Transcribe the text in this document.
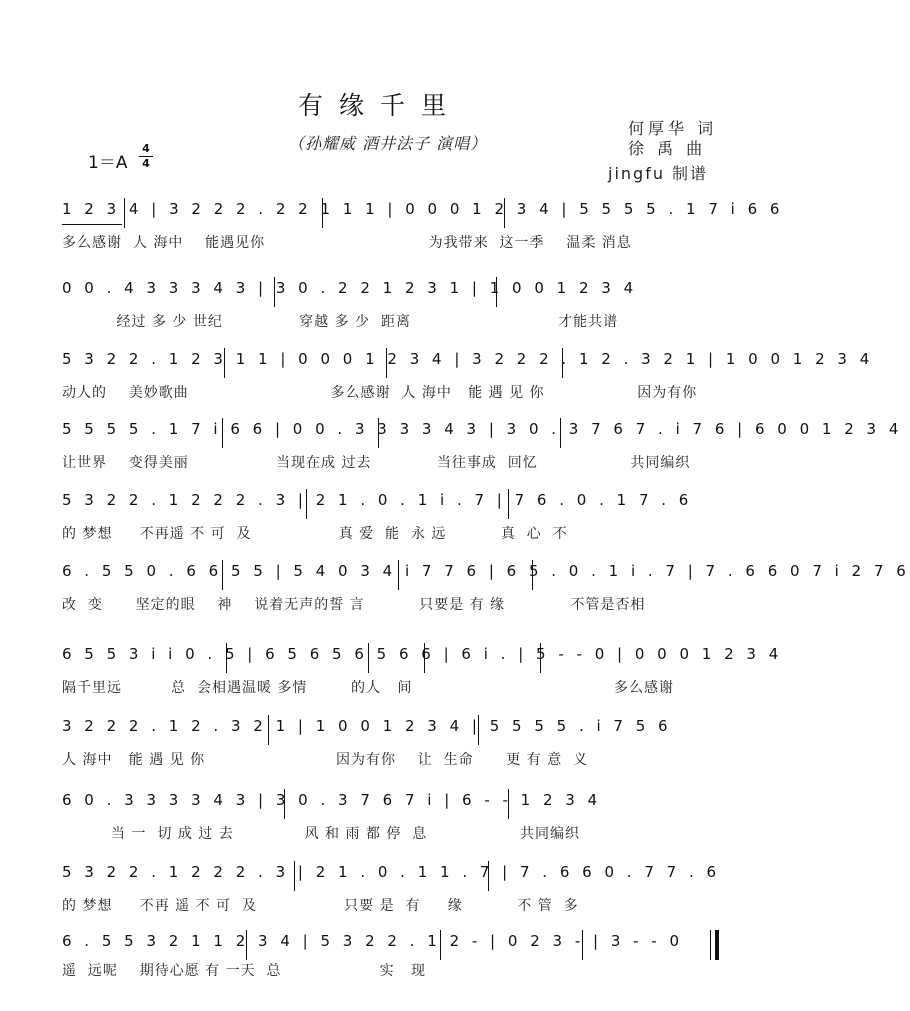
有缘千里
（孙耀威 酒井法子 演唱）
何厚华 词
徐 禹 曲
jingfu 制谱
1＝A
4
4
1 2 3 4 | 3 2 2 2 . 2 2 1 1 1 | 0 0 0 1 2 3 4 | 5 5 5 5 . 1 7 i 6 6
多么感谢  人 海中    能遇见你                              为我带来  这一季    温柔 消息
0 0 . 4 3 3 3 4 3 | 3 0 . 2 2 1 2 3 1 | 1 0 0 1 2 3 4
经过 多 少 世纪              穿越 多 少  距离                           才能共谱
5 3 2 2 . 1 2 3 1 1 | 0 0 0 1 2 3 4 | 3 2 2 2 . 1 2 . 3 2 1 | 1 0 0 1 2 3 4
动人的    美妙歌曲                          多么感谢  人 海中   能 遇 见 你                 因为有你
5 5 5 5 . 1 7 i 6 6 | 0 0 . 3 3 3 3 4 3 | 3 0 . 3 7 6 7 . i 7 6 | 6 0 0 1 2 3 4
让世界    变得美丽                当现在成 过去            当往事成  回忆                 共同编织
5 3 2 2 . 1 2 2 2 . 3 | 2 1 . 0 . 1 i . 7 | 7 6 . 0 . 1 7 . 6
的 梦想     不再遥 不 可  及                真 爱  能  永 远          真  心  不
6 . 5 5 0 . 6 6 5 5 | 5 4 0 3 4 i 7 7 6 | 6 5 . 0 . 1 i . 7 | 7 . 6 6 0 7 i 2 7 6
改  变      坚定的眼    神    说着无声的誓 言          只要是 有 缘            不管是否相
6 5 5 3 i i 0 . 5 | 6 5 6 5 6 5 6 6 | 6 i . | 5 - - 0 | 0 0 0 1 2 3 4
隔千里远         总  会相遇温暖 多情        的人   间                                     多么感谢
3 2 2 2 . 1 2 . 3 2 1 | 1 0 0 1 2 3 4 | 5 5 5 5 . i 7 5 6
人 海中   能 遇 见 你                        因为有你    让  生命      更 有 意  义
6 0 . 3 3 3 3 4 3 | 3 0 . 3 7 6 7 i | 6 - - 1 2 3 4
当 一  切 成 过 去             风 和 雨 都 停  息                 共同编织
5 3 2 2 . 1 2 2 2 . 3 | 2 1 . 0 . 1 1 . 7 | 7 . 6 6 0 . 7 7 . 6
的 梦想     不再 遥 不 可  及                只要 是  有     缘          不 管  多
6 . 5 5 3 2 1 1 2 3 4 | 5 3 2 2 . 1 2 - | 0 2 3 - | 3 - - 0
遥  远呢    期待心愿 有 一天  总                  实   现
